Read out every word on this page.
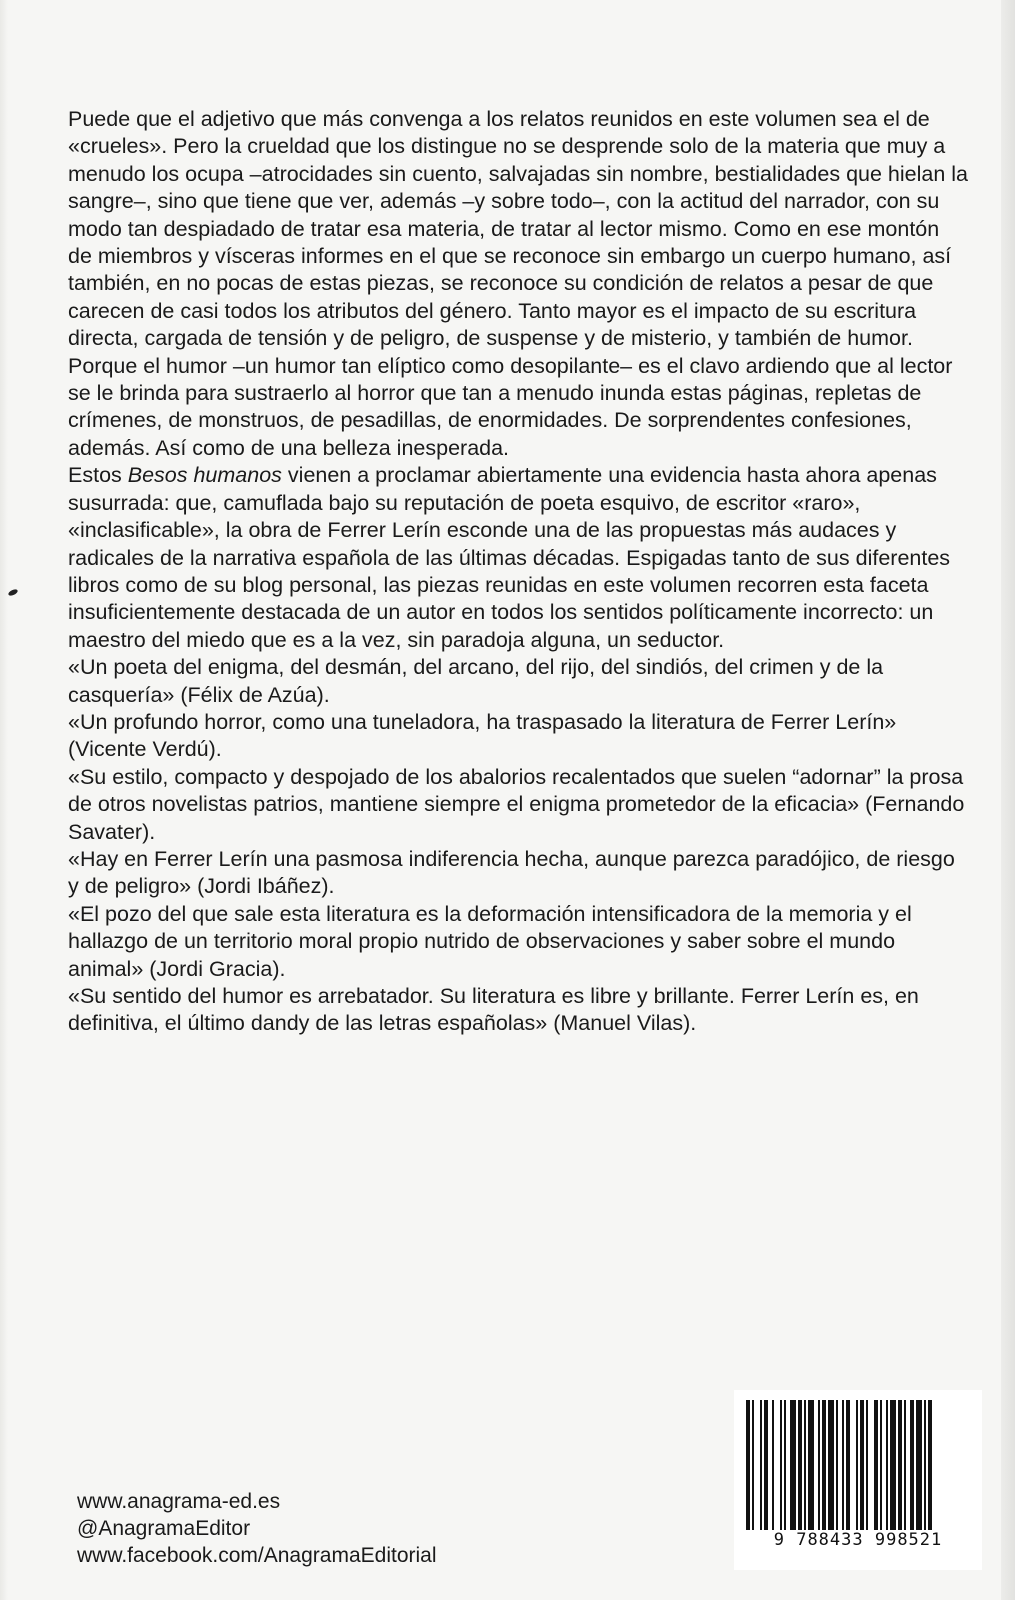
Puede que el adjetivo que más convenga a los relatos reunidos en este volumen sea el de «crueles». Pero la crueldad que los distingue no se desprende solo de la materia que muy a menudo los ocupa –atrocidades sin cuento, salvajadas sin nombre, bestialidades que hielan la sangre–, sino que tiene que ver, además –y sobre todo–, con la actitud del narrador, con su modo tan despiadado de tratar esa materia, de tratar al lector mismo. Como en ese montón de miembros y vísceras informes en el que se reconoce sin embargo un cuerpo humano, así también, en no pocas de estas piezas, se reconoce su condición de relatos a pesar de que carecen de casi todos los atributos del género. Tanto mayor es el impacto de su escritura directa, cargada de tensión y de peligro, de suspense y de misterio, y también de humor. Porque el humor –un humor tan elíptico como desopilante– es el clavo ardiendo que al lector se le brinda para sustraerlo al horror que tan a menudo inunda estas páginas, repletas de crímenes, de monstruos, de pesadillas, de enormidades. De sorprendentes confesiones, además. Así como de una belleza inesperada.

Estos Besos humanos vienen a proclamar abiertamente una evidencia hasta ahora apenas susurrada: que, camuflada bajo su reputación de poeta esquivo, de escritor «raro», «inclasificable», la obra de Ferrer Lerín esconde una de las propuestas más audaces y radicales de la narrativa española de las últimas décadas. Espigadas tanto de sus diferentes libros como de su blog personal, las piezas reunidas en este volumen recorren esta faceta insuficientemente destacada de un autor en todos los sentidos políticamente incorrecto: un maestro del miedo que es a la vez, sin paradoja alguna, un seductor.

«Un poeta del enigma, del desmán, del arcano, del rijo, del sindiós, del crimen y de la casquería» (Félix de Azúa).

«Un profundo horror, como una tuneladora, ha traspasado la literatura de Ferrer Lerín» (Vicente Verdú).

«Su estilo, compacto y despojado de los abalorios recalentados que suelen “adornar” la prosa de otros novelistas patrios, mantiene siempre el enigma prometedor de la eficacia» (Fernando Savater).

«Hay en Ferrer Lerín una pasmosa indiferencia hecha, aunque parezca paradójico, de riesgo y de peligro» (Jordi Ibáñez).

«El pozo del que sale esta literatura es la deformación intensificadora de la memoria y el hallazgo de un territorio moral propio nutrido de observaciones y saber sobre el mundo animal» (Jordi Gracia).

«Su sentido del humor es arrebatador. Su literatura es libre y brillante. Ferrer Lerín es, en definitiva, el último dandy de las letras españolas» (Manuel Vilas).

www.anagrama-ed.es
@AnagramaEditor
www.facebook.com/AnagramaEditorial
9 788433 998521
